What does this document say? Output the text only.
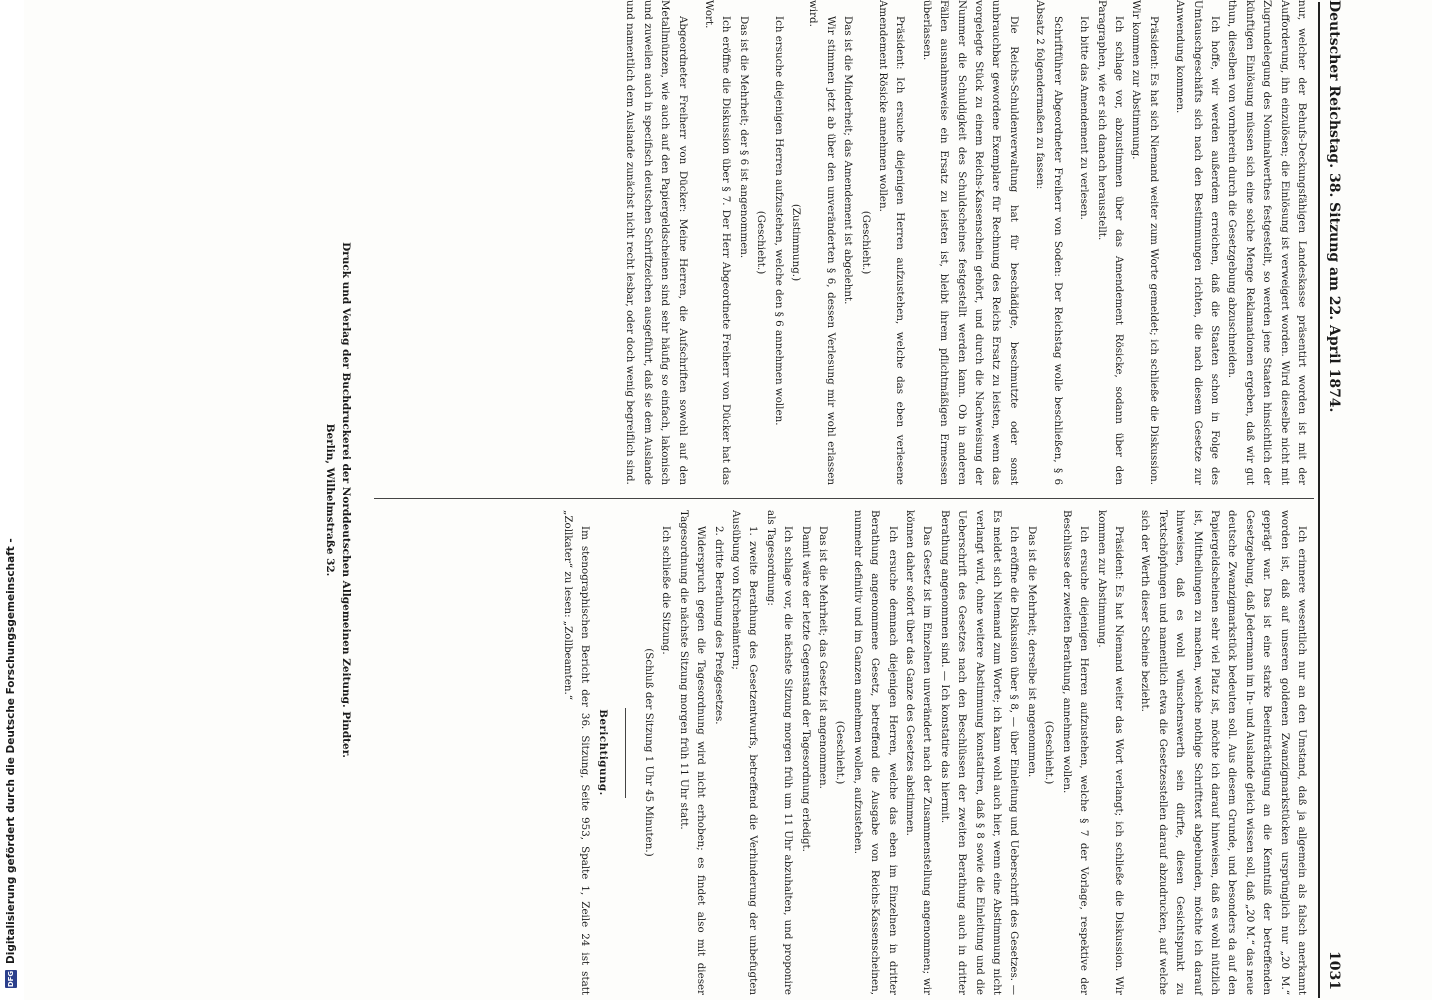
DFG
Digitalisierung gefördert durch die Deutsche Forschungsgemeinschaft -
Deutscher Reichstag. 38. Sitzung am 22. April 1874.
1031

nur, welcher der Behufs-Deckungsfähigen Landeskasse präsentirt worden ist mit der Aufforderung, ihn einzulösen; die Einlösung ist verweigert worden. Wird dieselbe nicht mit Zugrundelegung des Nominalwerthes festgestellt, so werden jene Staaten hinsichtlich der künftigen Einlösung müssen sich eine solche Menge Reklamationen ergeben, daß wir gut thun, dieselben von vornherein durch die Gesetzgebung abzuschneiden.

Ich hoffe, wir werden außerdem erreichen, daß die Staaten schon in Folge des Umtauschgeschäfts sich nach den Bestimmungen richten, die nach diesem Gesetze zur Anwendung kommen.

Präsident: Es hat sich Niemand weiter zum Worte gemeldet; ich schließe die Diskussion. Wir kommen zur Abstimmung.

Ich schlage vor, abzustimmen über das Amendement Rösicke, sodann über den Paragraphen, wie er sich danach herausstellt.

Ich bitte das Amendement zu verlesen.

Schriftführer Abgeordneter Freiherr von Soden: Der Reichstag wolle beschließen, § 6 Absatz 2 folgendermaßen zu fassen:

Die Reichs-Schuldenverwaltung hat für beschädigte, beschmutzte oder sonst unbrauchbar gewordene Exemplare für Rechnung des Reichs Ersatz zu leisten, wenn das vorgelegte Stück zu einem Reichs-Kassenschein gehört, und durch die Nachweisung der Nummer die Schuldigkeit des Schuldscheines festgestellt werden kann. Ob in anderen Fällen ausnahmsweise ein Ersatz zu leisten ist, bleibt ihrem pflichtmäßigen Ermessen überlassen.

Präsident: Ich ersuche diejenigen Herren aufzustehen, welche das eben verlesene Amendement Rösicke annehmen wollen.

(Geschieht.)

Das ist die Minderheit; das Amendement ist abgelehnt.

Wir stimmen jetzt ab über den unveränderten § 6, dessen Verlesung mir wohl erlassen wird.

(Zustimmung.)

Ich ersuche diejenigen Herren aufzustehen, welche den § 6 annehmen wollen.

(Geschieht.)

Das ist die Mehrheit; der § 6 ist angenommen.

Ich eröffne die Diskussion über § 7. Der Herr Abgeordnete Freiherr von Dücker hat das Wort.

Abgeordneter Freiherr von Dücker: Meine Herren, die Aufschriften sowohl auf den Metallmünzen, wie auch auf den Papiergeldscheinen sind sehr häufig so einfach, lakonisch und zuweilen auch in specifisch deutschen Schriftzeichen ausgeführt, daß sie dem Auslande und namentlich dem Auslande zunächst nicht recht lesbar, oder doch wenig begreiflich sind.

Ich erinnere wesentlich nur an den Umstand, daß ja allgemein als falsch anerkannt worden ist, daß auf unseren goldenen Zwanzigmarkstücken ursprünglich nur „20 M.“ geprägt war. Das ist eine starke Beeinträchtigung an die Kenntniß der betreffenden Gesetzgebung, daß Jedermann im In- und Auslande gleich wissen soll, daß „20 M.“ das neue deutsche Zwanzigmarkstück bedeuten soll. Aus diesem Grunde, und besonders da auf den Papiergeldscheinen sehr viel Platz ist, möchte ich darauf hinweisen, daß es wohl nützlich ist, Mittheilungen zu machen, welche nothige Schrifttext abgebunden, möchte ich darauf hinweisen, daß es wohl wünschenswerth sein dürfte, diesen Gesichtspunkt zu Textschöpfungen und namentlich etwa die Gesetzesstellen darauf abzudrucken, auf welche sich der Werth dieser Scheine bezieht.

Präsident: Es hat Niemand weiter das Wort verlangt; ich schließe die Diskussion. Wir kommen zur Abstimmung.

Ich ersuche diejenigen Herren aufzustehen, welche § 7 der Vorlage, respektive der Beschlüsse der zweiten Berathung, annehmen wollen.

(Geschieht.)

Das ist die Mehrheit; derselbe ist angenommen.

Ich eröffne die Diskussion über § 8, — über Einleitung und Ueberschrift des Gesetzes. — Es meldet sich Niemand zum Worte; ich kann wohl auch hier, wenn eine Abstimmung nicht verlangt wird, ohne weitere Abstimmung konstatiren, daß § 8 sowie die Einleitung und die Ueberschrift des Gesetzes nach den Beschlüssen der zweiten Berathung auch in dritter Berathung angenommen sind. — Ich konstatire das hiermit.

Das Gesetz ist im Einzelnen unverändert nach der Zusammenstellung angenommen; wir können daher sofort über das Ganze des Gesetzes abstimmen.

Ich ersuche demnach diejenigen Herren, welche das eben im Einzelnen in dritter Berathung angenommene Gesetz, betreffend die Ausgabe von Reichs-Kassenscheinen, nunmehr definitiv und im Ganzen annehmen wollen, aufzustehen.

(Geschieht.)

Das ist die Mehrheit; das Gesetz ist angenommen.

Damit wäre der letzte Gegenstand der Tagesordnung erledigt.

Ich schlage vor, die nächste Sitzung morgen früh um 11 Uhr abzuhalten, und proponire als Tagesordnung:

1. zweite Berathung des Gesetzentwurfs, betreffend die Verhinderung der unbefugten Ausübung von Kirchenämtern;

2. dritte Berathung des Preßgesetzes.

Widerspruch gegen die Tagesordnung wird nicht erhoben; es findet also mit dieser Tagesordnung die nächste Sitzung morgen früh 11 Uhr statt.

Ich schließe die Sitzung.

(Schluß der Sitzung 1 Uhr 45 Minuten.)

Berichtigung.

Im stenographischen Bericht der 36. Sitzung, Seite 953, Spalte 1, Zeile 24 ist statt „Zollkater“ zu lesen: „Zollbeamten.“

Druck und Verlag der Buchdruckerei der Norddeutschen Allgemeinen Zeitung. Pindter.

Berlin, Wilhelmstraße 32.
